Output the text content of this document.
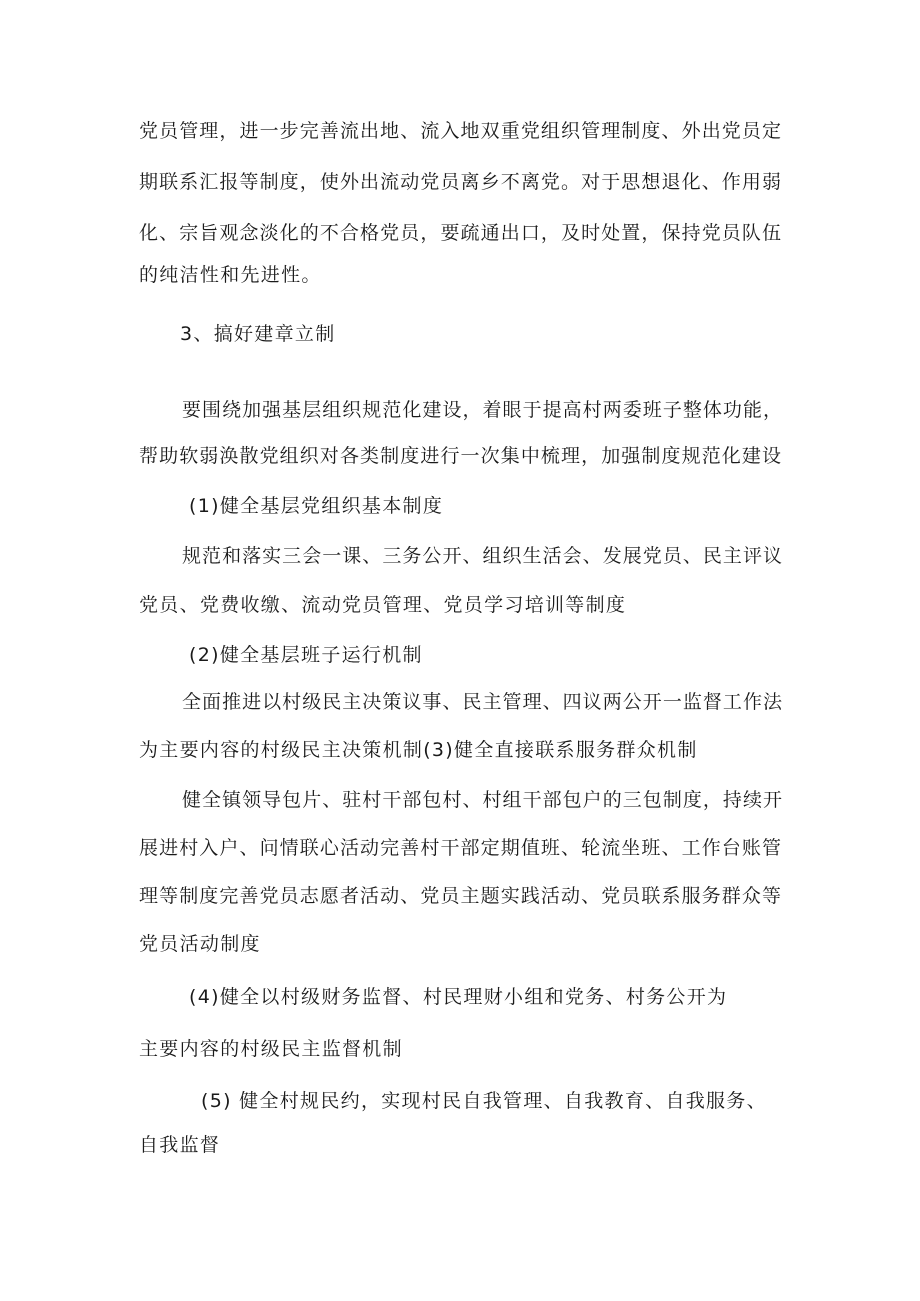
党员管理，进一步完善流出地、流入地双重党组织管理制度、外出党员定
期联系汇报等制度，使外出流动党员离乡不离党。对于思想退化、作用弱
化、宗旨观念淡化的不合格党员，要疏通出口，及时处置，保持党员队伍
的纯洁性和先进性。
3、搞好建章立制
要围绕加强基层组织规范化建设，着眼于提高村两委班子整体功能，
帮助软弱涣散党组织对各类制度进行一次集中梳理，加强制度规范化建设
(1)健全基层党组织基本制度
规范和落实三会一课、三务公开、组织生活会、发展党员、民主评议
党员、党费收缴、流动党员管理、党员学习培训等制度
(2)健全基层班子运行机制
全面推进以村级民主决策议事、民主管理、四议两公开一监督工作法
为主要内容的村级民主决策机制(3)健全直接联系服务群众机制
健全镇领导包片、驻村干部包村、村组干部包户的三包制度，持续开
展进村入户、问情联心活动完善村干部定期值班、轮流坐班、工作台账管
理等制度完善党员志愿者活动、党员主题实践活动、党员联系服务群众等
党员活动制度
(4)健全以村级财务监督、村民理财小组和党务、村务公开为
主要内容的村级民主监督机制
(5) 健全村规民约，实现村民自我管理、自我教育、自我服务、
自我监督
